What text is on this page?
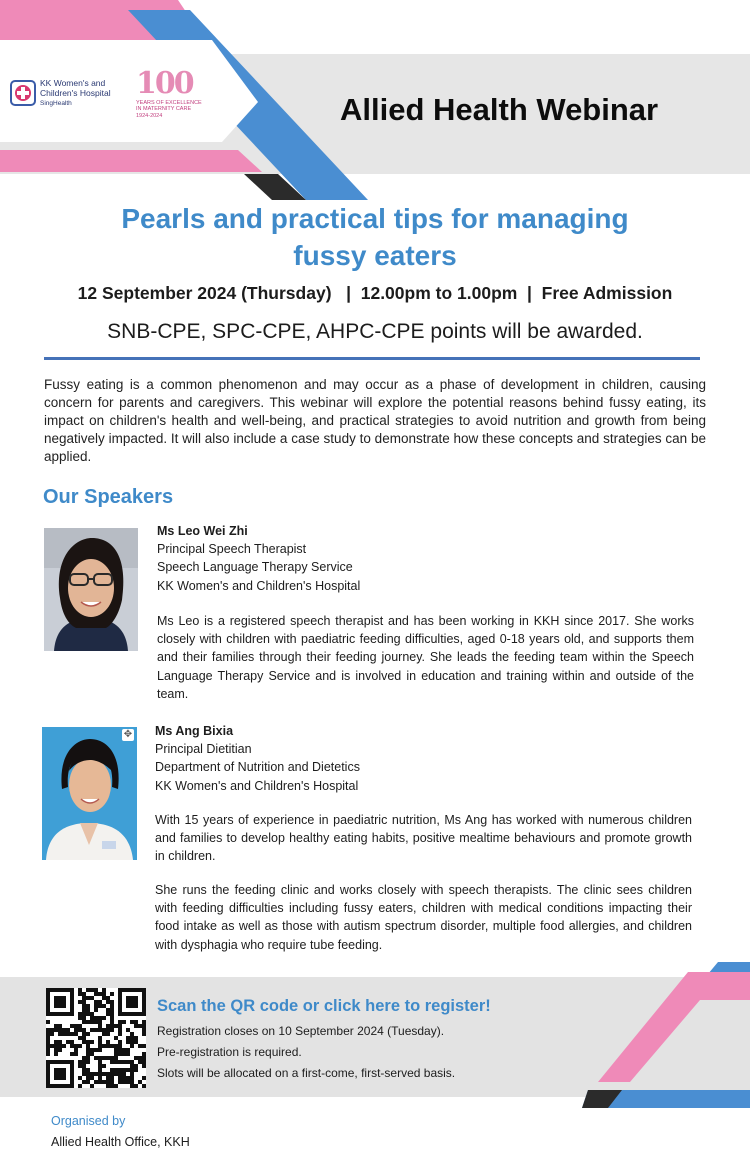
KK Women's and
Children's Hospital
SingHealth
100
YEARS OF EXCELLENCE
IN MATERNITY CARE
1924-2024	Allied Health Webinar
Pearls and practical tips for managing
fussy eaters
12 September 2024 (Thursday)   |  12.00pm to 1.00pm  |  Free Admission
SNB-CPE, SPC-CPE, AHPC-CPE points will be awarded.
Fussy eating is a common phenomenon and may occur as a phase of development in children, causing concern for parents and caregivers. This webinar will explore the potential reasons behind fussy eating, its impact on children's health and well-being, and practical strategies to avoid nutrition and growth from being negatively impacted. It will also include a case study to demonstrate how these concepts and strategies can be applied.
Our Speakers
Ms Leo Wei Zhi
Principal Speech Therapist
Speech Language Therapy Service
KK Women's and Children's Hospital
Ms Leo is a registered speech therapist and has been working in KKH since 2017. She works closely with children with paediatric feeding difficulties, aged 0-18 years old, and supports them and their families through their feeding journey. She leads the feeding team within the Speech Language Therapy Service and is involved in education and training within and outside of the team.
✥ Ms Ang Bixia
Principal Dietitian
Department of Nutrition and Dietetics
KK Women's and Children's Hospital
With 15 years of experience in paediatric nutrition, Ms Ang has worked with numerous children and families to develop healthy eating habits, positive mealtime behaviours and promote growth in children.
She runs the feeding clinic and works closely with speech therapists. The clinic sees children with feeding difficulties including fussy eaters, children with medical conditions impacting their food intake as well as those with autism spectrum disorder, multiple food allergies, and children with dysphagia who require tube feeding.
Scan the QR code or click here to register!
Registration closes on 10 September 2024 (Tuesday).
Pre-registration is required.
Slots will be allocated on a first-come, first-served basis.
Organised by
Allied Health Office, KKH
